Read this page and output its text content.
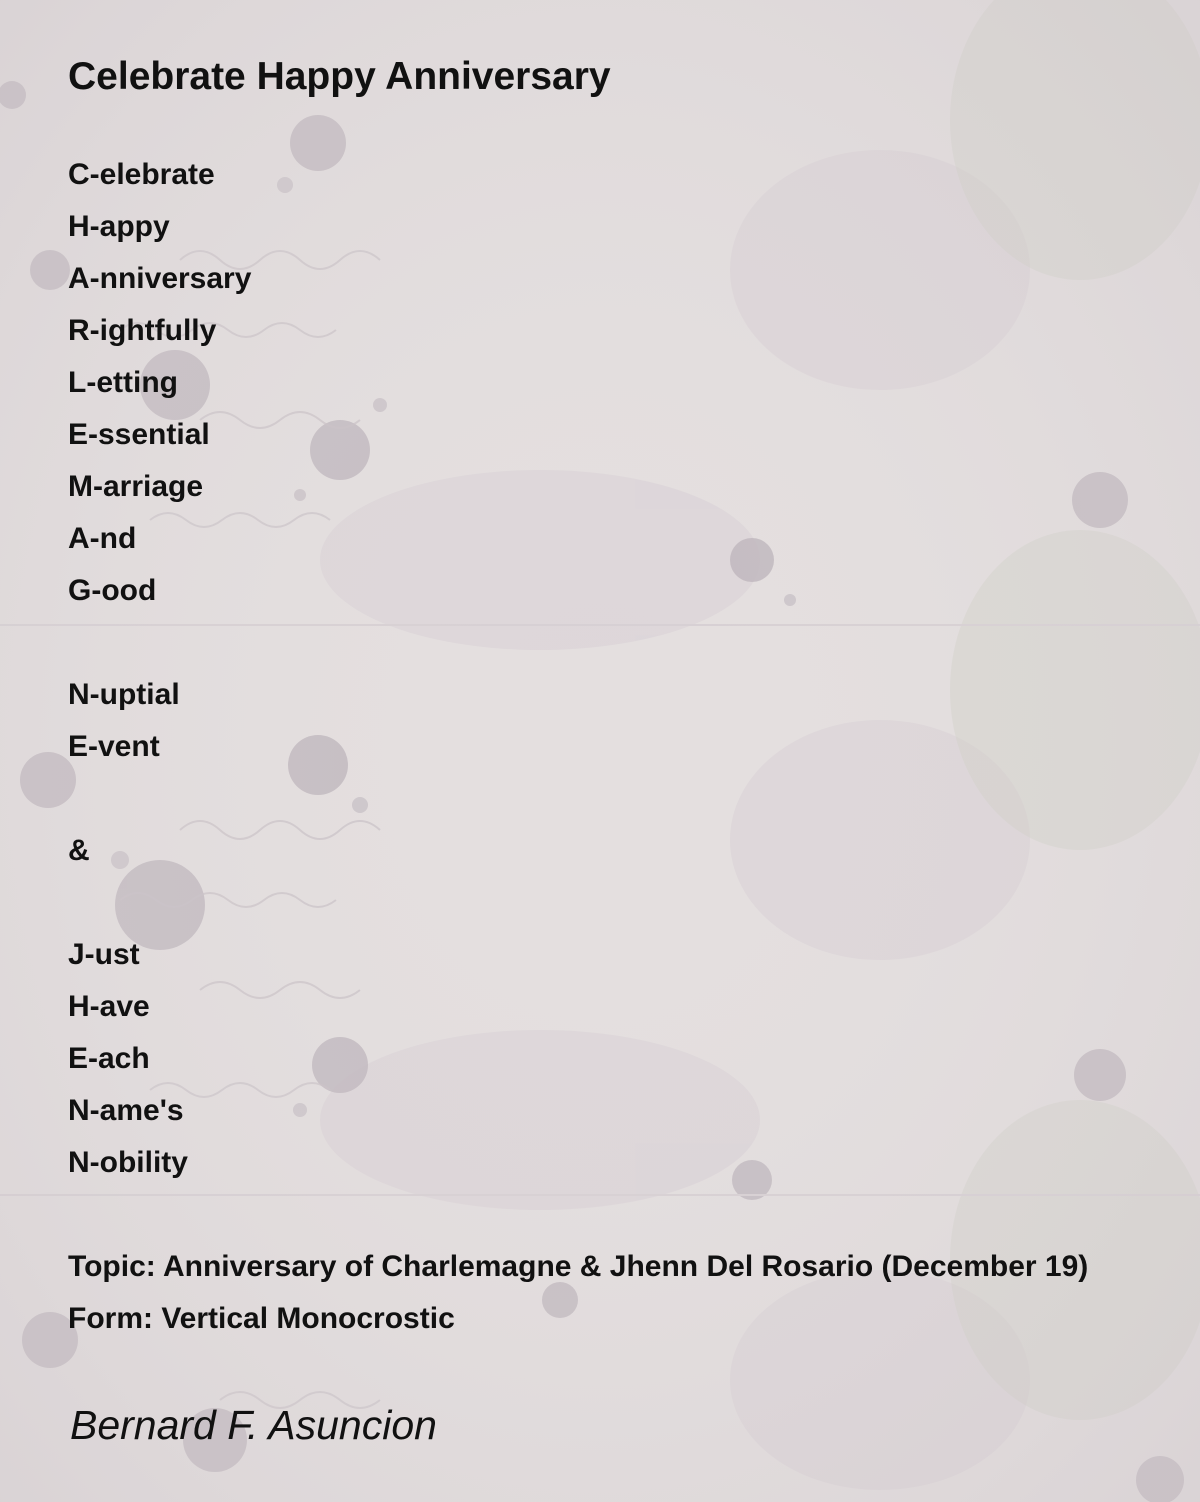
Celebrate Happy Anniversary
C-elebrate
H-appy
A-nniversary
R-ightfully
L-etting
E-ssential
M-arriage
A-nd
G-ood
N-uptial
E-vent
&
J-ust
H-ave
E-ach
N-ame's
N-obility
Topic: Anniversary of Charlemagne & Jhenn Del Rosario (December 19)
Form: Vertical Monocrostic
Bernard F. Asuncion
